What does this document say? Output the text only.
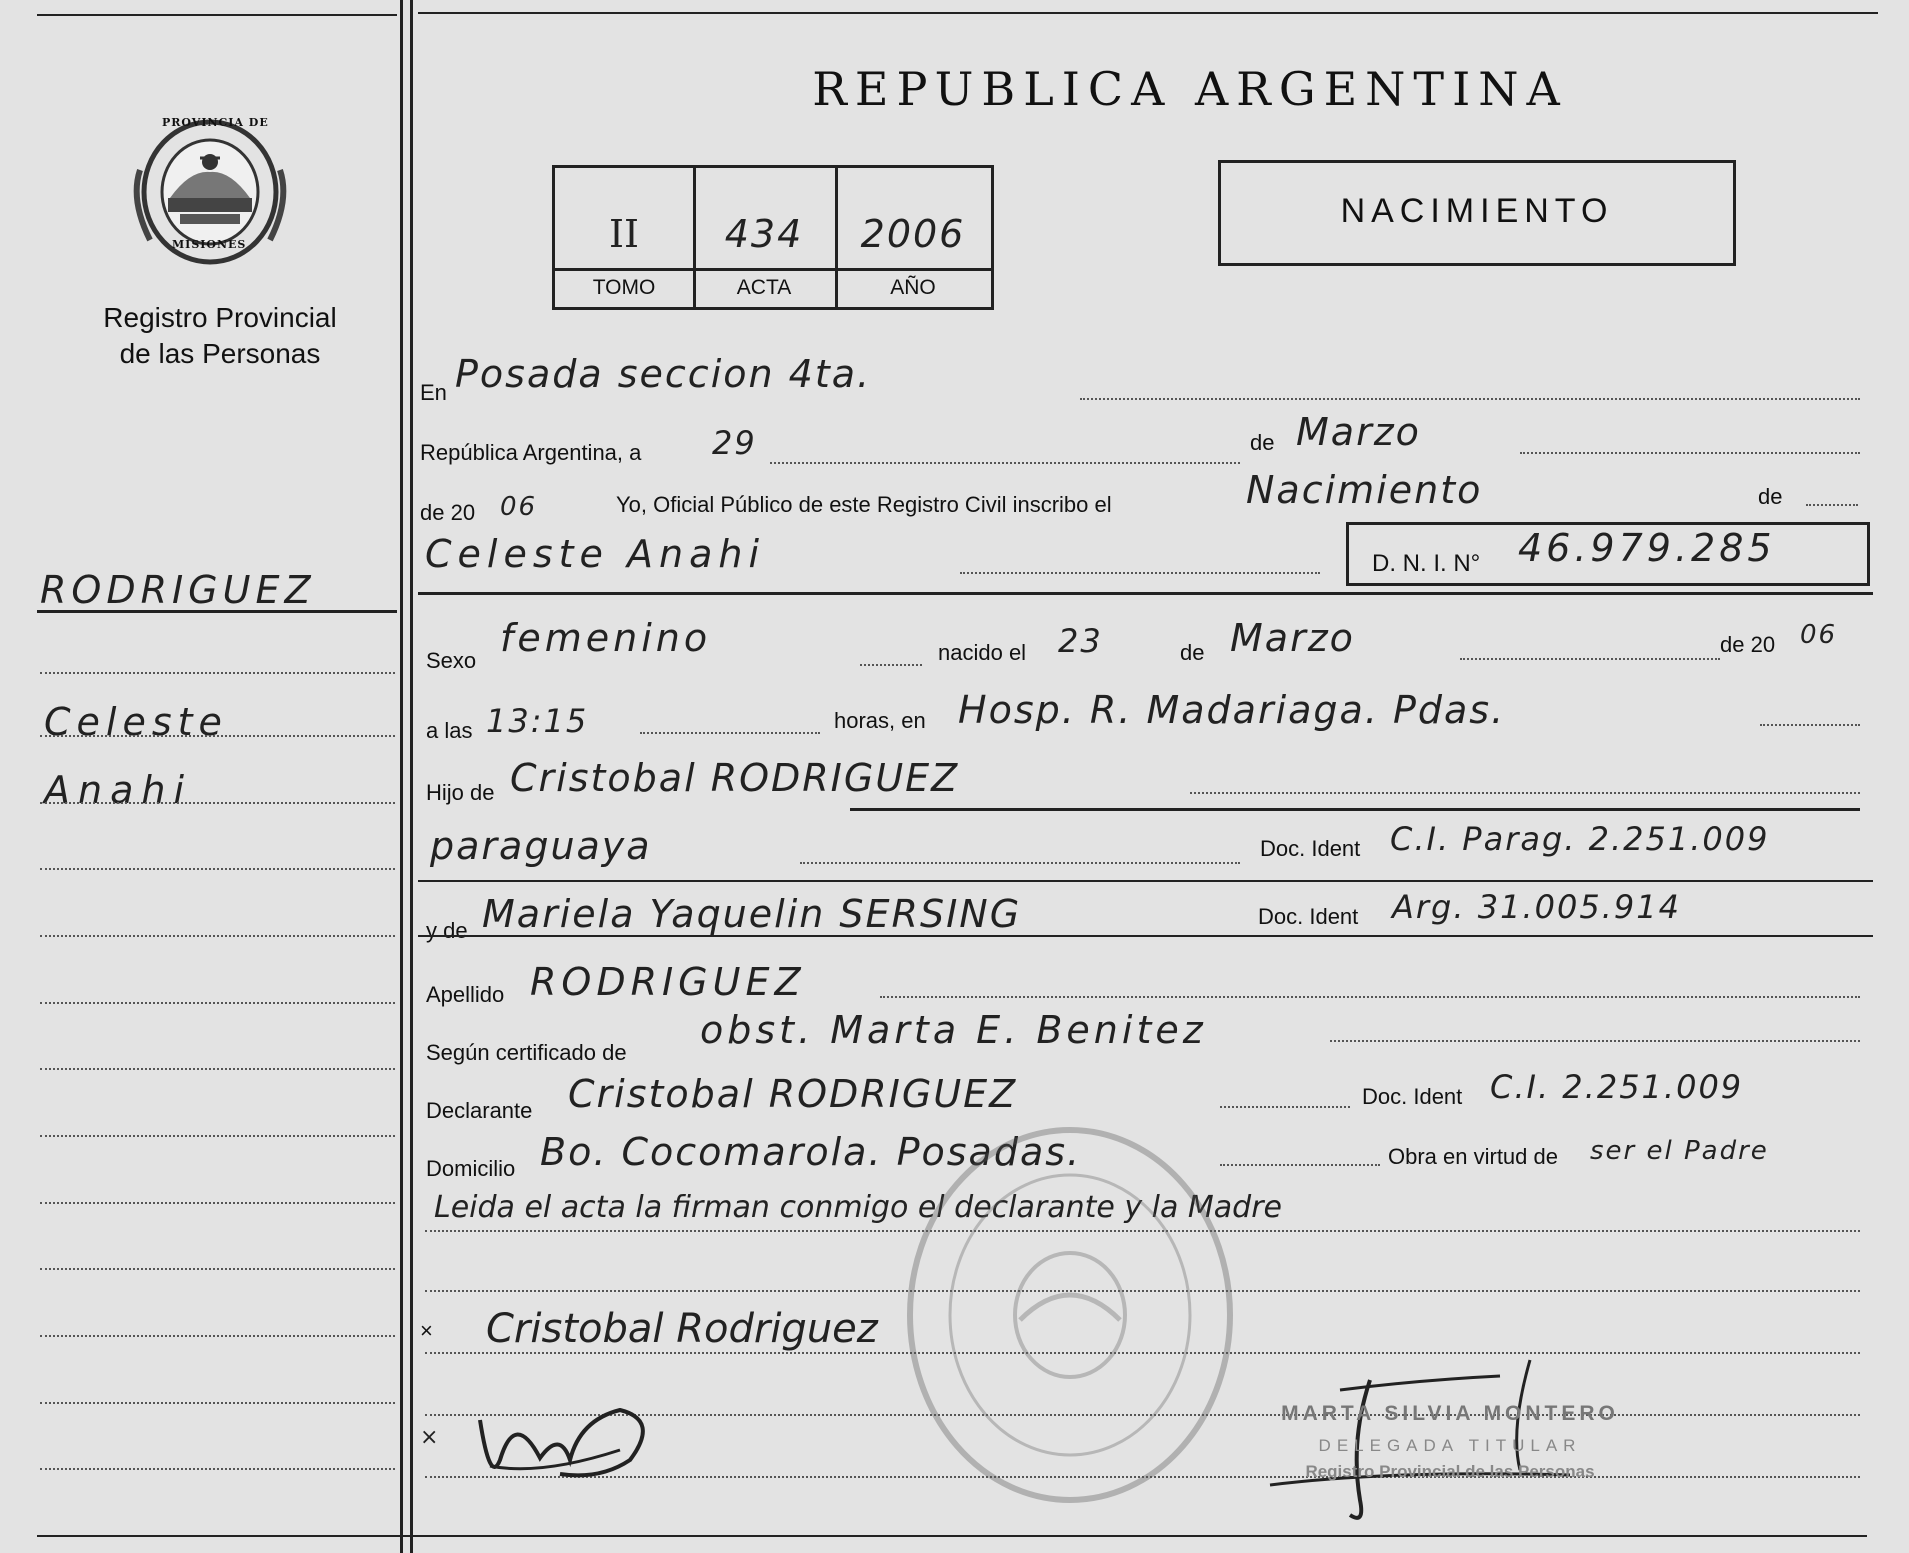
PROVINCIA DE
MISIONES
Registro Provincial
de las Personas
RODRIGUEZ
Celeste
Anahi
REPUBLICA ARGENTINA
NACIMIENTO
II	434	2006
TOMO	ACTA	AÑO
En Posada seccion 4ta.
República Argentina, a 29	de Marzo
de 20 06	Yo, Oficial Público de este Registro Civil inscribo el	Nacimiento	de
Celeste Anahi	D. N. I. N° 46.979.285
Sexo
femenino	nacido el 23	de Marzo	de 20 06
a las 13:15	horas, en Hosp. R. Madariaga. Pdas.
Hijo de Cristobal RODRIGUEZ
paraguaya	Doc. Ident C.I. Parag. 2.251.009
y de Mariela Yaquelin SERSING	Doc. Ident Arg. 31.005.914
Apellido RODRIGUEZ
Según certificado de
obst. Marta E. Benitez
Declarante Cristobal RODRIGUEZ	Doc. Ident C.I. 2.251.009
Domicilio Bo. Cocomarola. Posadas.	Obra en virtud de ser el Padre
Leida el acta la firman conmigo el declarante y la Madre
Cristobal Rodriguez
×
×
MARTA SILVIA MONTERO
DELEGADA TITULAR
Registro Provincial de las Personas
